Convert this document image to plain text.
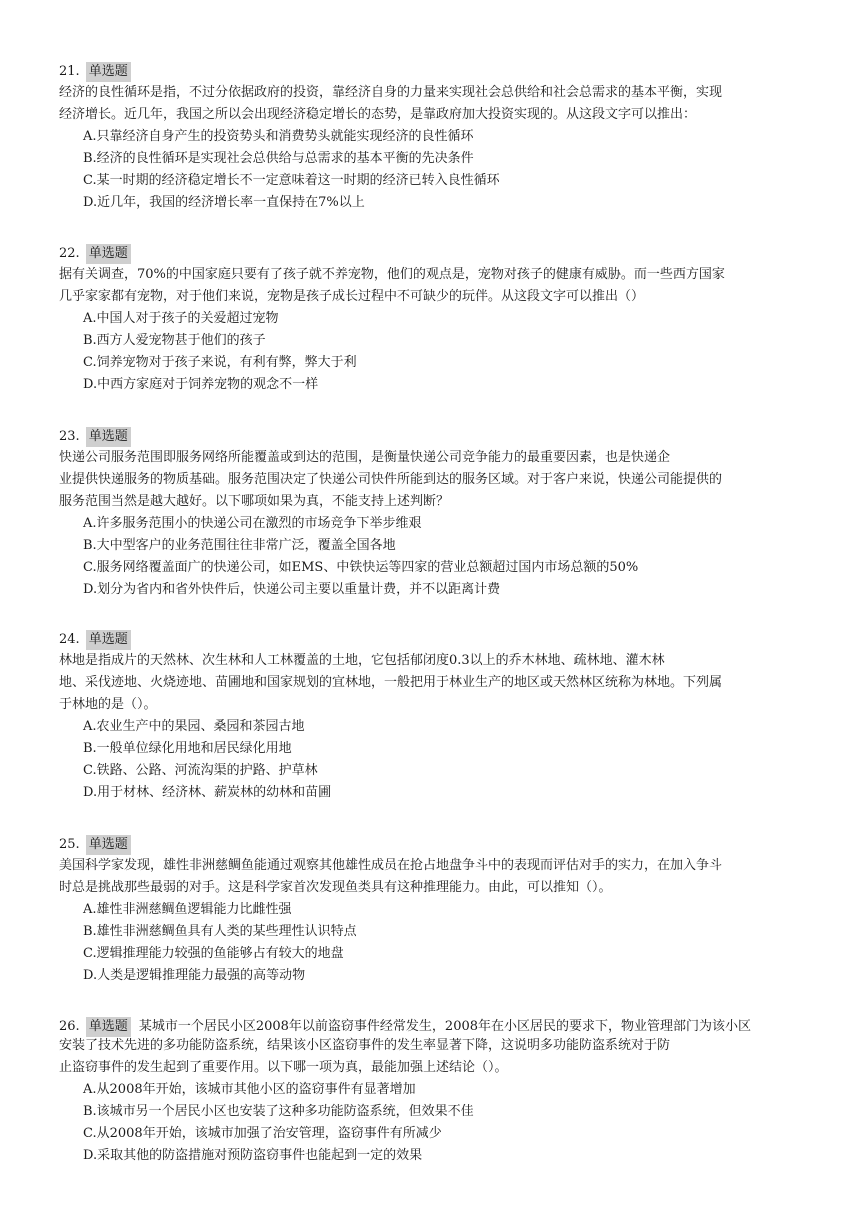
21. 单选题
经济的良性循环是指，不过分依据政府的投资，靠经济自身的力量来实现社会总供给和社会总需求的基本平衡，实现
经济增长。近几年，我国之所以会出现经济稳定增长的态势，是靠政府加大投资实现的。从这段文字可以推出：
A.只靠经济自身产生的投资势头和消费势头就能实现经济的良性循环
B.经济的良性循环是实现社会总供给与总需求的基本平衡的先决条件
C.某一时期的经济稳定增长不一定意味着这一时期的经济已转入良性循环
D.近几年，我国的经济增长率一直保持在7%以上
22. 单选题
据有关调查，70%的中国家庭只要有了孩子就不养宠物，他们的观点是，宠物对孩子的健康有威胁。而一些西方国家
几乎家家都有宠物，对于他们来说，宠物是孩子成长过程中不可缺少的玩伴。从这段文字可以推出（）
A.中国人对于孩子的关爱超过宠物
B.西方人爱宠物甚于他们的孩子
C.饲养宠物对于孩子来说，有利有弊，弊大于利
D.中西方家庭对于饲养宠物的观念不一样
23. 单选题
快递公司服务范围即服务网络所能覆盖或到达的范围，是衡量快递公司竞争能力的最重要因素，也是快递企
业提供快递服务的物质基础。服务范围决定了快递公司快件所能到达的服务区域。对于客户来说，快递公司能提供的
服务范围当然是越大越好。以下哪项如果为真，不能支持上述判断？
A.许多服务范围小的快递公司在激烈的市场竞争下举步维艰
B.大中型客户的业务范围往往非常广泛，覆盖全国各地
C.服务网络覆盖面广的快递公司，如EMS、中铁快运等四家的营业总额超过国内市场总额的50%
D.划分为省内和省外快件后，快递公司主要以重量计费，并不以距离计费
24. 单选题
林地是指成片的天然林、次生林和人工林覆盖的土地，它包括郁闭度0.3以上的乔木林地、疏林地、灌木林
地、采伐迹地、火烧迹地、苗圃地和国家规划的宜林地，一般把用于林业生产的地区或天然林区统称为林地。下列属
于林地的是（）。
A.农业生产中的果园、桑园和茶园古地
B.一般单位绿化用地和居民绿化用地
C.铁路、公路、河流沟渠的护路、护草林
D.用于材林、经济林、薪炭林的幼林和苗圃
25. 单选题
美国科学家发现，雄性非洲慈鲷鱼能通过观察其他雄性成员在抢占地盘争斗中的表现而评估对手的实力，在加入争斗
时总是挑战那些最弱的对手。这是科学家首次发现鱼类具有这种推理能力。由此，可以推知（）。
A.雄性非洲慈鲷鱼逻辑能力比雌性强
B.雄性非洲慈鲷鱼具有人类的某些理性认识特点
C.逻辑推理能力较强的鱼能够占有较大的地盘
D.人类是逻辑推理能力最强的高等动物
26. 单选题 某城市一个居民小区2008年以前盗窃事件经常发生，2008年在小区居民的要求下，物业管理部门为该小区
安装了技术先进的多功能防盗系统，结果该小区盗窃事件的发生率显著下降，这说明多功能防盗系统对于防
止盗窃事件的发生起到了重要作用。以下哪一项为真，最能加强上述结论（）。
A.从2008年开始，该城市其他小区的盗窃事件有显著增加
B.该城市另一个居民小区也安装了这种多功能防盗系统，但效果不佳
C.从2008年开始，该城市加强了治安管理，盗窃事件有所减少
D.采取其他的防盗措施对预防盗窃事件也能起到一定的效果
